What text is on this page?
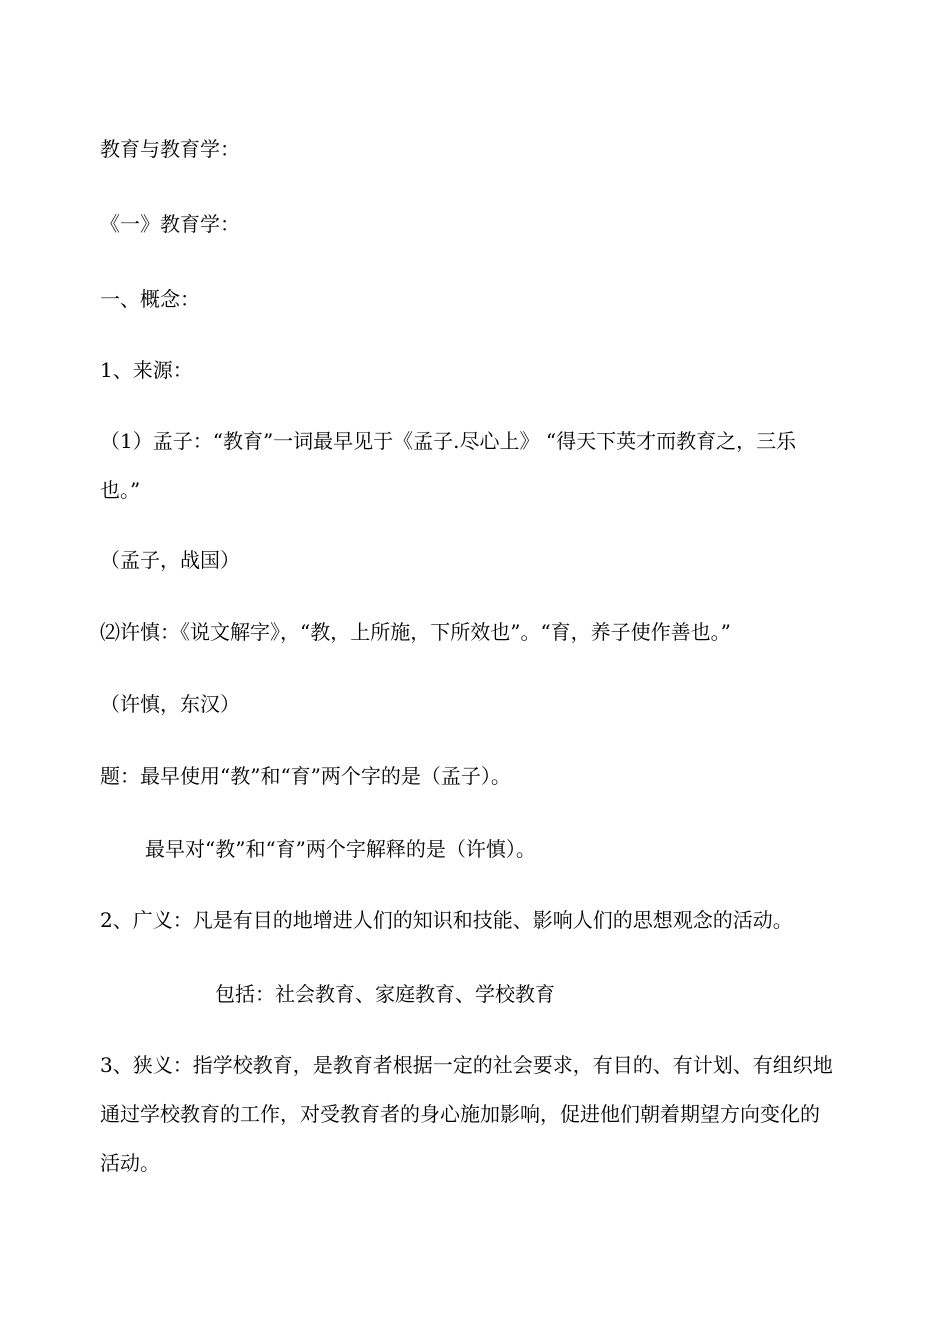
教育与教育学：

《一》教育学：

一、概念：

1、来源：

（1）孟子：“教育”一词最早见于《孟子.尽心上》 “得天下英才而教育之，三乐

也。”

（孟子，战国）

⑵许慎：《说文解字》，“教，上所施，下所效也”。“育，养子使作善也。”

（许慎，东汉）

题：最早使用“教”和“育”两个字的是（孟子）。

最早对“教”和“育”两个字解释的是（许慎）。

2、广义：凡是有目的地增进人们的知识和技能、影响人们的思想观念的活动。

包括：社会教育、家庭教育、学校教育

3、狭义：指学校教育，是教育者根据一定的社会要求，有目的、有计划、有组织地

通过学校教育的工作，对受教育者的身心施加影响，促进他们朝着期望方向变化的

活动。
